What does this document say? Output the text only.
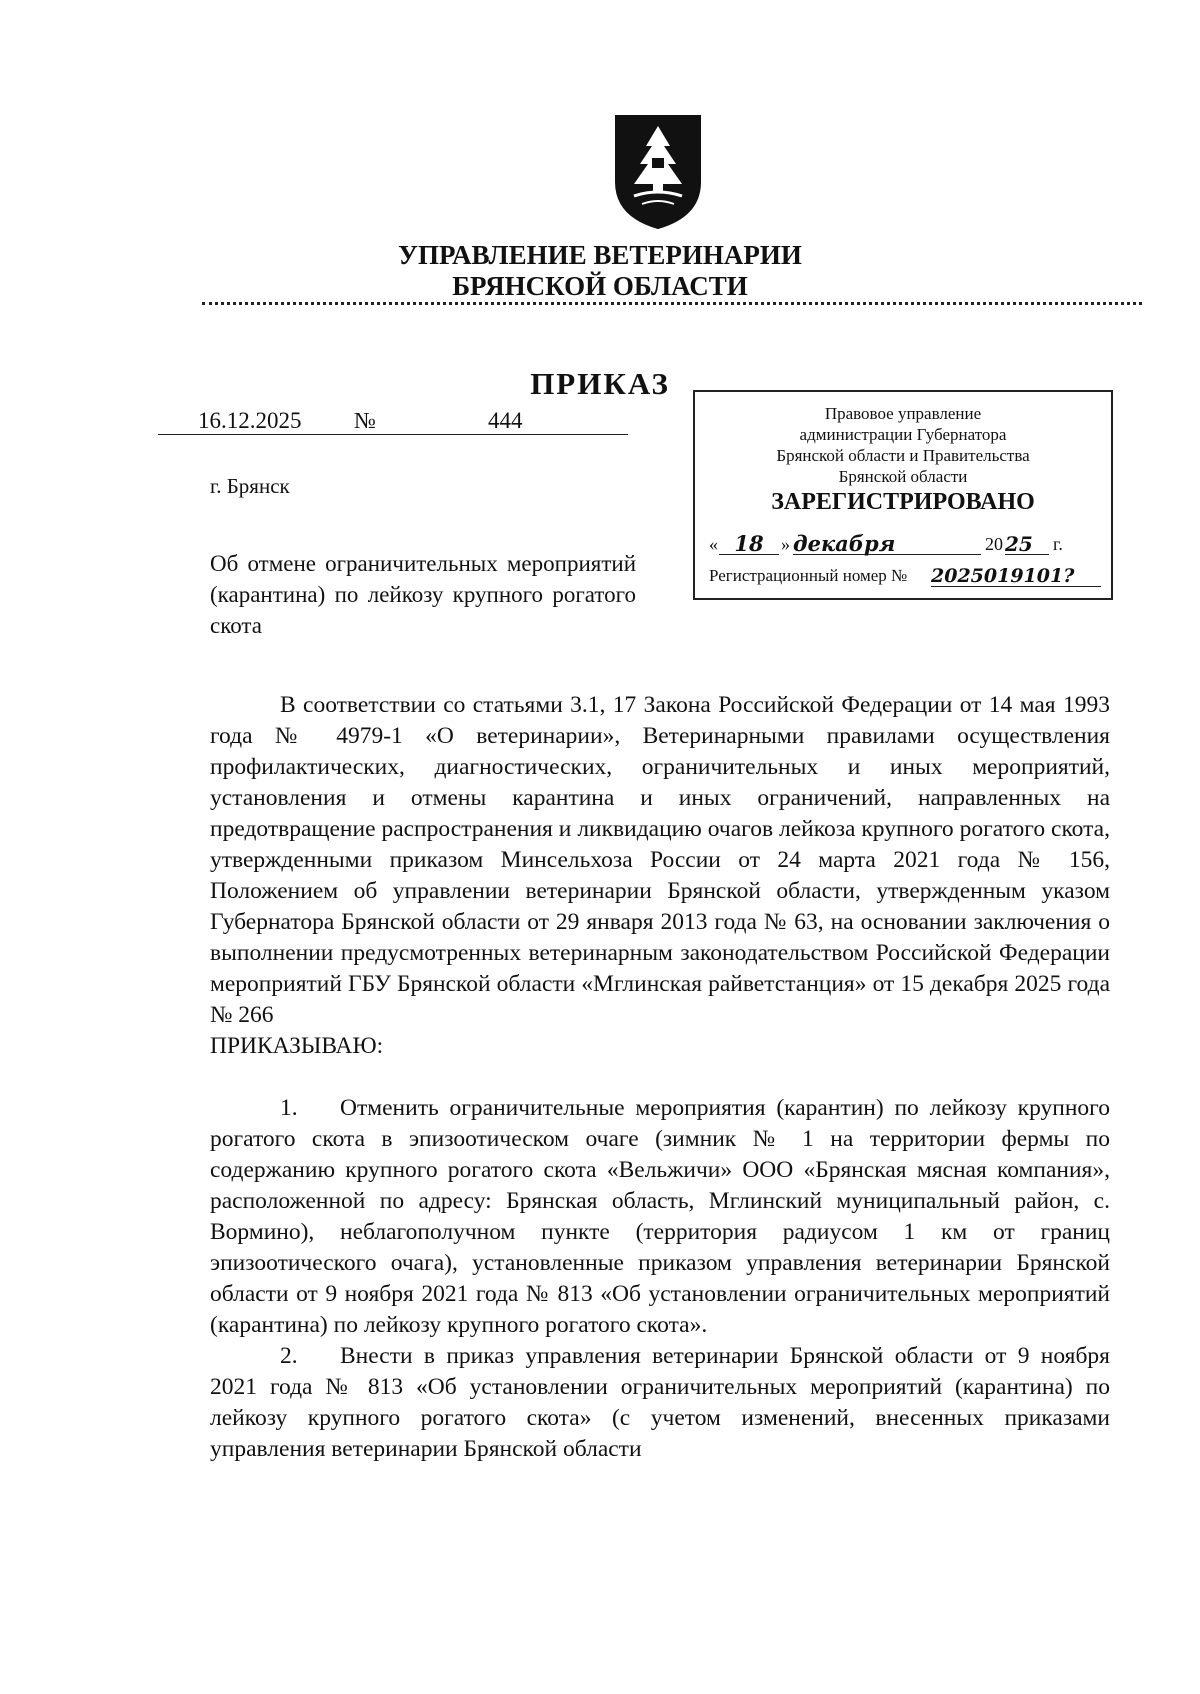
УПРАВЛЕНИЕ ВЕТЕРИНАРИИ
БРЯНСКОЙ ОБЛАСТИ
ПРИКАЗ
16.12.2025 №	444
г. Брянск
Об отмене ограничительных мероприятий (карантина) по лейкозу крупного рогатого скота
Правовое управление
администрации Губернатора
Брянской области и Правительства
Брянской области
ЗАРЕГИСТРИРОВАНО
« 18 » декабря	20 25	г.
Регистрационный номер № 2025019101?

В соответствии со статьями 3.1, 17 Закона Российской Федерации от 14 мая 1993 года № 4979-1 «О ветеринарии», Ветеринарными правилами осуществления профилактических, диагностических, ограничительных и иных мероприятий, установления и отмены карантина и иных ограничений, направленных на предотвращение распространения и ликвидацию очагов лейкоза крупного рогатого скота, утвержденными приказом Минсельхоза России от 24 марта 2021 года № 156, Положением об управлении ветеринарии Брянской области, утвержденным указом Губернатора Брянской области от 29 января 2013 года № 63, на основании заключения о выполнении предусмотренных ветеринарным законодательством Российской Федерации мероприятий ГБУ Брянской области «Мглинская райветстанция» от 15 декабря 2025 года № 266

ПРИКАЗЫВАЮ:

1. Отменить ограничительные мероприятия (карантин) по лейкозу крупного рогатого скота в эпизоотическом очаге (зимник № 1 на территории фермы по содержанию крупного рогатого скота «Вельжичи» ООО «Брянская мясная компания», расположенной по адресу: Брянская область, Мглинский муниципальный район, с. Вормино), неблагополучном пункте (территория радиусом 1 км от границ эпизоотического очага), установленные приказом управления ветеринарии Брянской области от 9 ноября 2021 года № 813 «Об установлении ограничительных мероприятий (карантина) по лейкозу крупного рогатого скота».

2. Внести в приказ управления ветеринарии Брянской области от 9 ноября 2021 года № 813 «Об установлении ограничительных мероприятий (карантина) по лейкозу крупного рогатого скота» (с учетом изменений, внесенных приказами управления ветеринарии Брянской области
